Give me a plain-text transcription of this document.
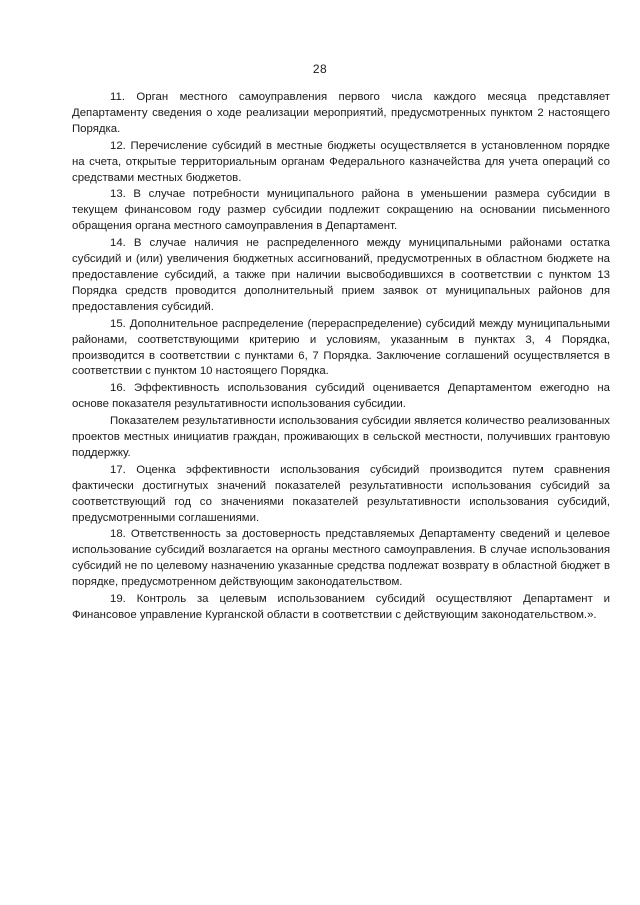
28

11. Орган местного самоуправления первого числа каждого месяца представляет Департаменту сведения о ходе реализации мероприятий, предусмотренных пунктом 2 настоящего Порядка.

12. Перечисление субсидий в местные бюджеты осуществляется в установленном порядке на счета, открытые территориальным органам Федерального казначейства для учета операций со средствами местных бюджетов.

13. В случае потребности муниципального района в уменьшении размера субсидии в текущем финансовом году размер субсидии подлежит сокращению на основании письменного обращения органа местного самоуправления в Департамент.

14. В случае наличия не распределенного между муниципальными районами остатка субсидий и (или) увеличения бюджетных ассигнований, предусмотренных в областном бюджете на предоставление субсидий, а также при наличии высвободившихся в соответствии с пунктом 13 Порядка средств проводится дополнительный прием заявок от муниципальных районов для предоставления субсидий.

15. Дополнительное распределение (перераспределение) субсидий между муниципальными районами, соответствующими критерию и условиям, указанным в пунктах 3, 4 Порядка, производится в соответствии с пунктами 6, 7 Порядка. Заключение соглашений осуществляется в соответствии с пунктом 10 настоящего Порядка.

16. Эффективность использования субсидий оценивается Департаментом ежегодно на основе показателя результативности использования субсидии.

Показателем результативности использования субсидии является количество реализованных проектов местных инициатив граждан, проживающих в сельской местности, получивших грантовую поддержку.

17. Оценка эффективности использования субсидий производится путем сравнения фактически достигнутых значений показателей результативности использования субсидий за соответствующий год со значениями показателей результативности использования субсидий, предусмотренными соглашениями.

18. Ответственность за достоверность представляемых Департаменту сведений и целевое использование субсидий возлагается на органы местного самоуправления. В случае использования субсидий не по целевому назначению указанные средства подлежат возврату в областной бюджет в порядке, предусмотренном действующим законодательством.

19. Контроль за целевым использованием субсидий осуществляют Департамент и Финансовое управление Курганской области в соответствии с действующим законодательством.».
